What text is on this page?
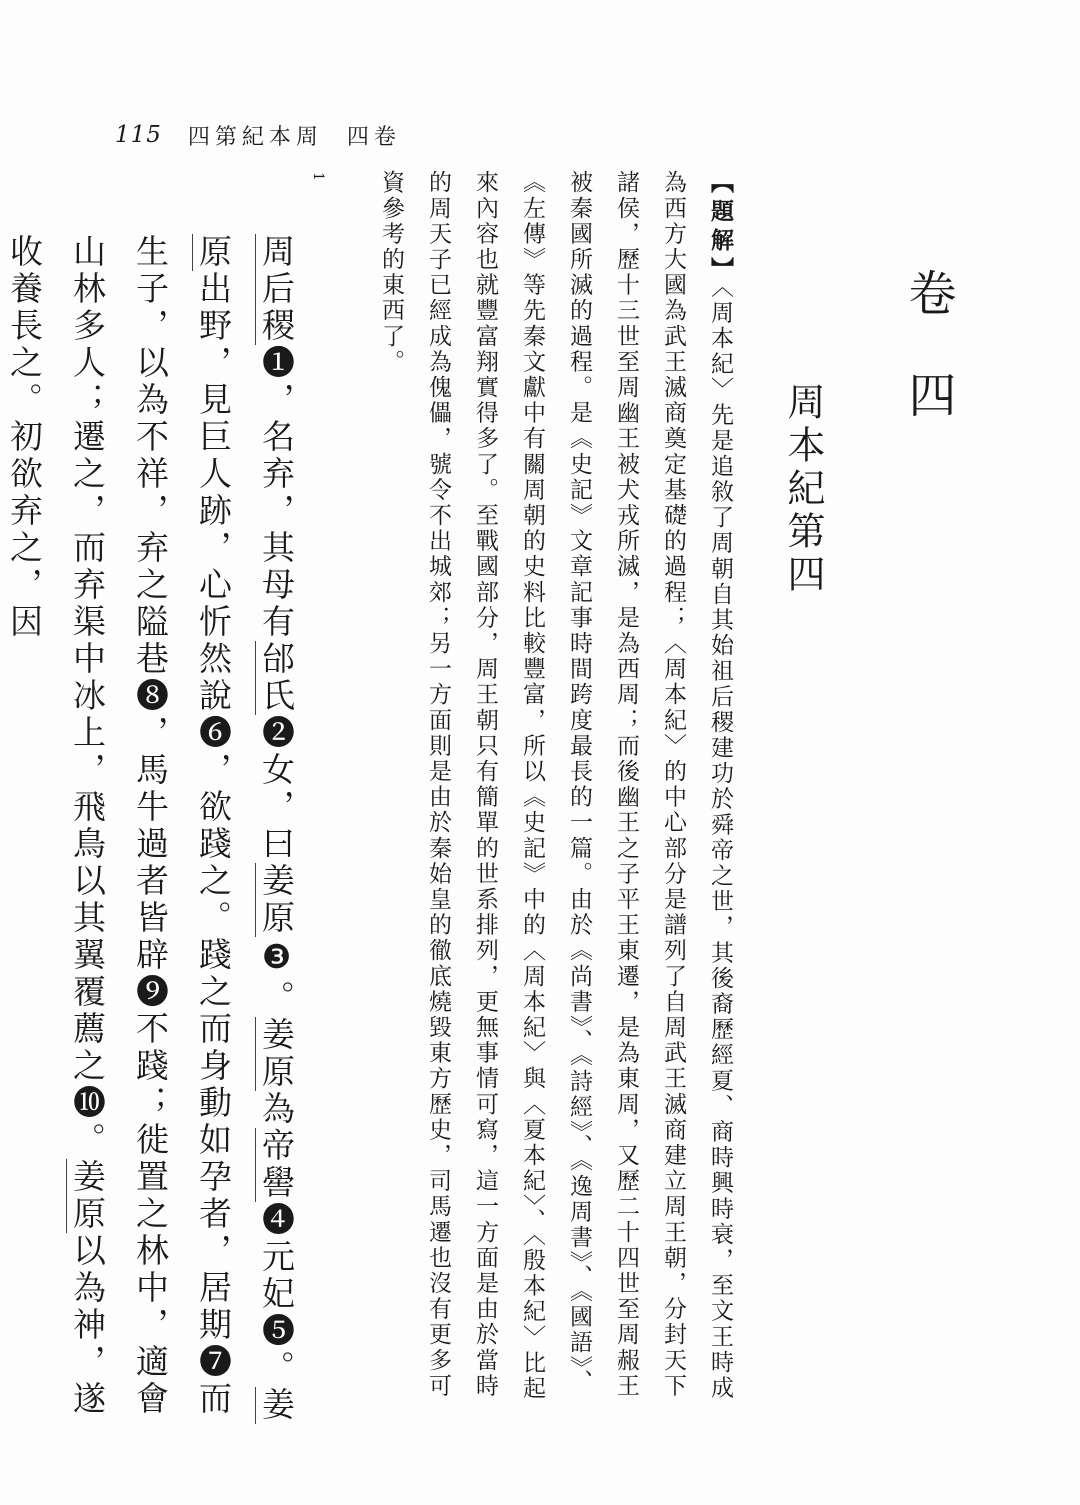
115 四第紀本周 四卷
卷四
周本紀第四
【題解】〈周本紀〉先是追敘了周朝自其始祖后稷建功於舜帝之世，其後裔歷經夏、商時興時衰，至文王時成為西方大國為武王滅商奠定基礎的過程；〈周本紀〉的中心部分是譜列了自周武王滅商建立周王朝，分封天下諸侯，歷十三世至周幽王被犬戎所滅，是為西周；而後幽王之子平王東遷，是為東周，又歷二十四世至周赧王被秦國所滅的過程。是《史記》文章記事時間跨度最長的一篇。由於《尚書》、《詩經》、《逸周書》、《國語》、《左傳》等先秦文獻中有關周朝的史料比較豐富，所以《史記》中的〈周本紀〉與〈夏本紀〉、〈殷本紀〉比起來內容也就豐富翔實得多了。至戰國部分，周王朝只有簡單的世系排列，更無事情可寫，這一方面是由於當時的周天子已經成為傀儡，號令不出城郊；另一方面則是由於秦始皇的徹底燒毀東方歷史，司馬遷也沒有更多可資參考的東西了。
1
周后稷❶，名弃，其母有邰氏❷女，曰姜原❸。姜原為帝嚳❹元妃❺。姜原出野，見巨人跡，心忻然說❻，欲踐之。踐之而身動如孕者，居期❼而生子，以為不祥，弃之隘巷❽，馬牛過者皆辟❾不踐；徙置之林中，適會山林多人；遷之，而弃渠中冰上，飛鳥以其翼覆薦之❿。姜原以為神，遂收養長之。初欲弃之，因
